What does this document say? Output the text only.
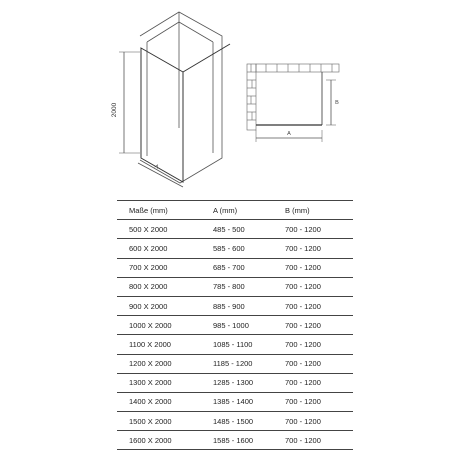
2000
A
A
B
Maße (mm)	A (mm)	B (mm)
500 X 2000	485 - 500	700 - 1200
600 X 2000	585 - 600	700 - 1200
700 X 2000	685 - 700	700 - 1200
800 X 2000	785 - 800	700 - 1200
900 X 2000	885 - 900	700 - 1200
1000 X 2000	985 - 1000	700 - 1200
1100 X 2000	1085 - 1100	700 - 1200
1200 X 2000	1185 - 1200	700 - 1200
1300 X 2000	1285 - 1300	700 - 1200
1400 X 2000	1385 - 1400	700 - 1200
1500 X 2000	1485 - 1500	700 - 1200
1600 X 2000	1585 - 1600	700 - 1200
